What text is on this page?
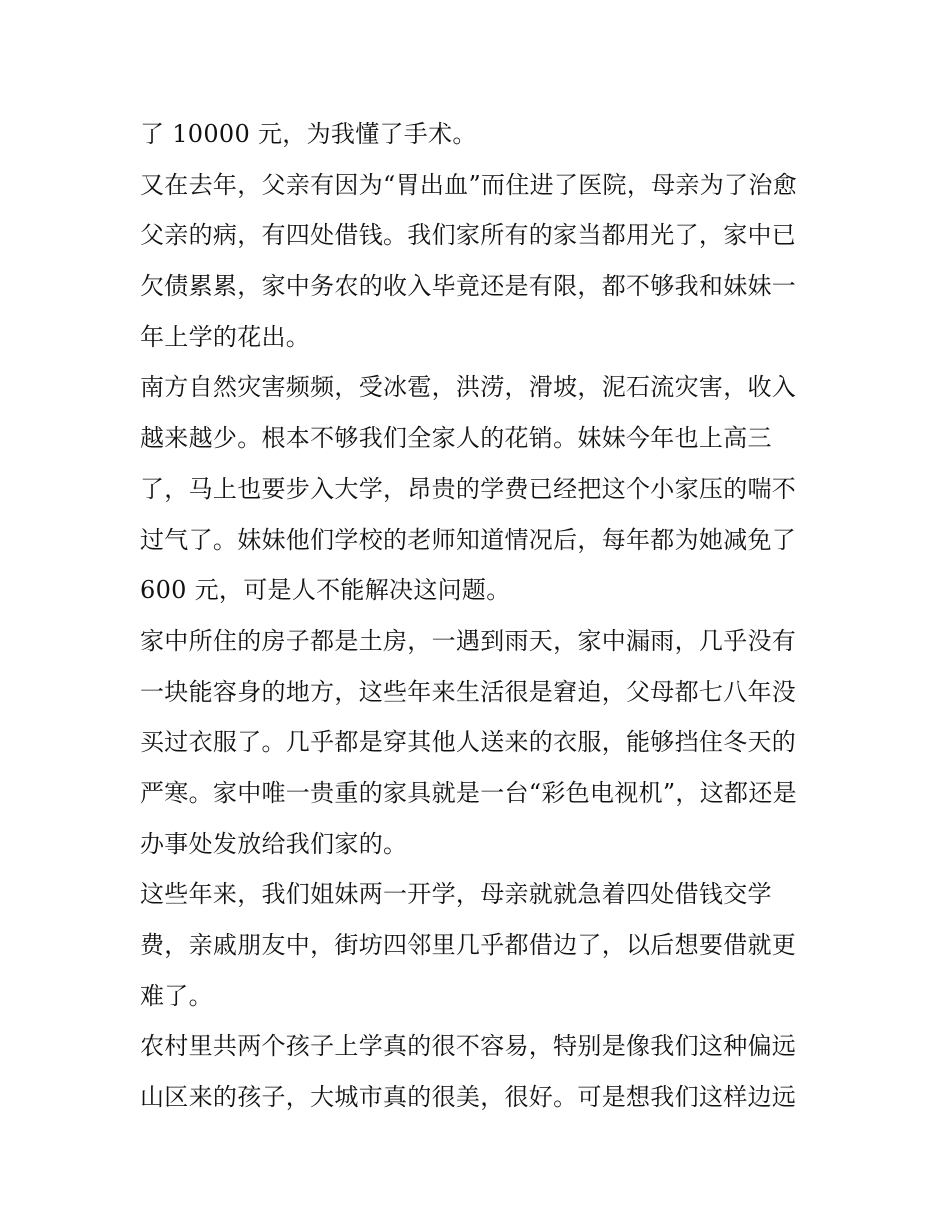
了 10000 元，为我懂了手术。
又在去年，父亲有因为“胃出血”而住进了医院，母亲为了治愈
父亲的病，有四处借钱。我们家所有的家当都用光了，家中已
欠债累累，家中务农的收入毕竟还是有限，都不够我和妹妹一
年上学的花出。
南方自然灾害频频，受冰雹，洪涝，滑坡，泥石流灾害，收入
越来越少。根本不够我们全家人的花销。妹妹今年也上高三
了，马上也要步入大学，昂贵的学费已经把这个小家压的喘不
过气了。妹妹他们学校的老师知道情况后，每年都为她减免了
600 元，可是人不能解决这问题。
家中所住的房子都是土房，一遇到雨天，家中漏雨，几乎没有
一块能容身的地方，这些年来生活很是窘迫，父母都七八年没
买过衣服了。几乎都是穿其他人送来的衣服，能够挡住冬天的
严寒。家中唯一贵重的家具就是一台“彩色电视机”，这都还是
办事处发放给我们家的。
这些年来，我们姐妹两一开学，母亲就就急着四处借钱交学
费，亲戚朋友中，街坊四邻里几乎都借边了，以后想要借就更
难了。
农村里共两个孩子上学真的很不容易，特别是像我们这种偏远
山区来的孩子，大城市真的很美，很好。可是想我们这样边远
